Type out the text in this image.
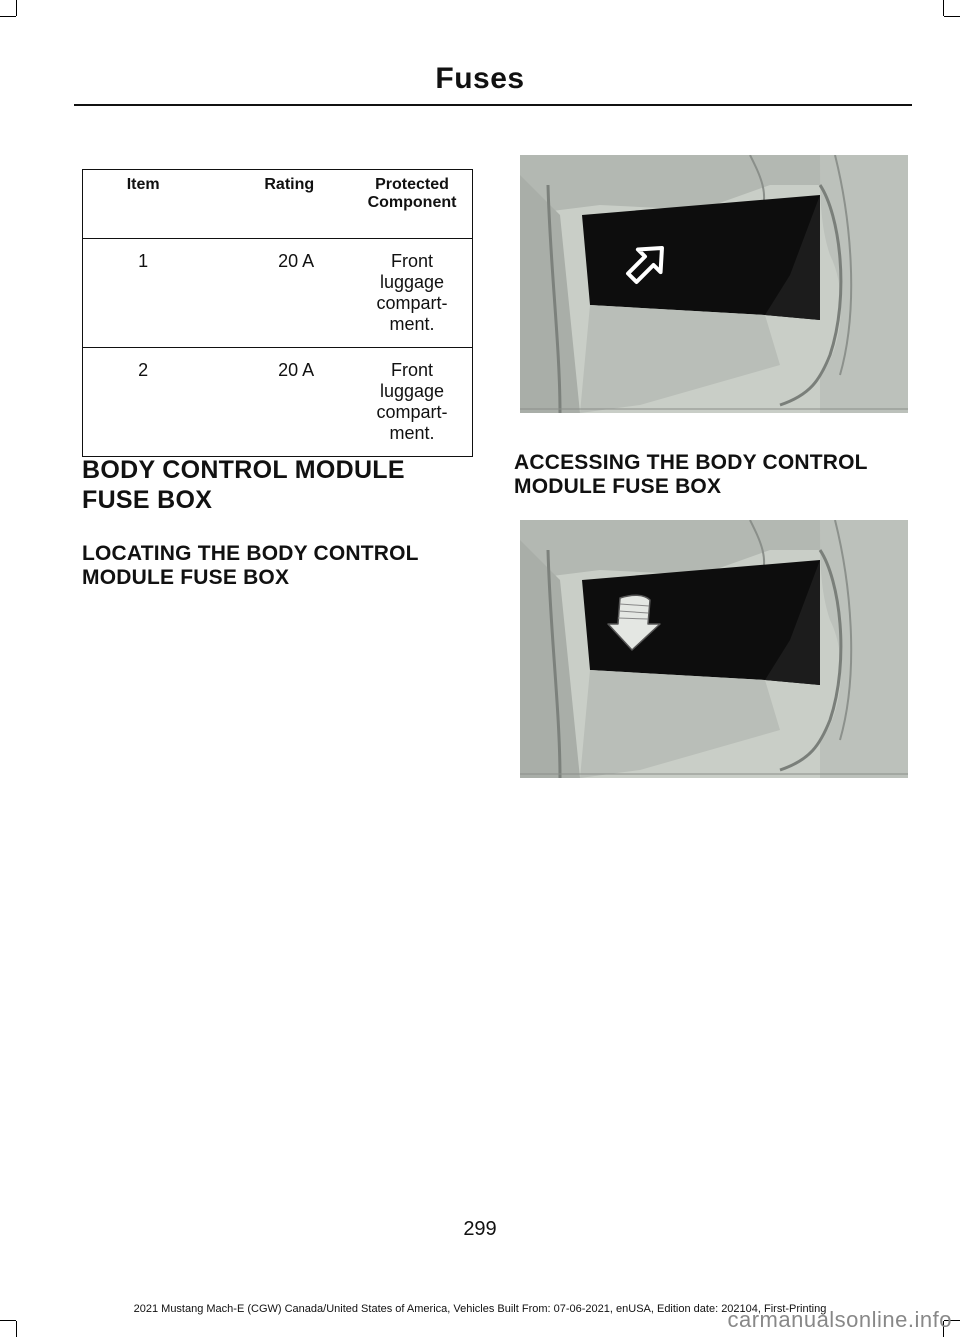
Fuses
Item	Rating	Protected Component
1	20 A	Front luggage compart- ment.
2	20 A	Front luggage compart- ment.
BODY CONTROL MODULE
FUSE BOX
LOCATING THE BODY CONTROL MODULE FUSE BOX
ACCESSING THE BODY CONTROL MODULE FUSE BOX
299
2021 Mustang Mach-E (CGW) Canada/United States of America, Vehicles Built From: 07-06-2021, enUSA, Edition date: 202104, First-Printing
carmanualsonline.info
